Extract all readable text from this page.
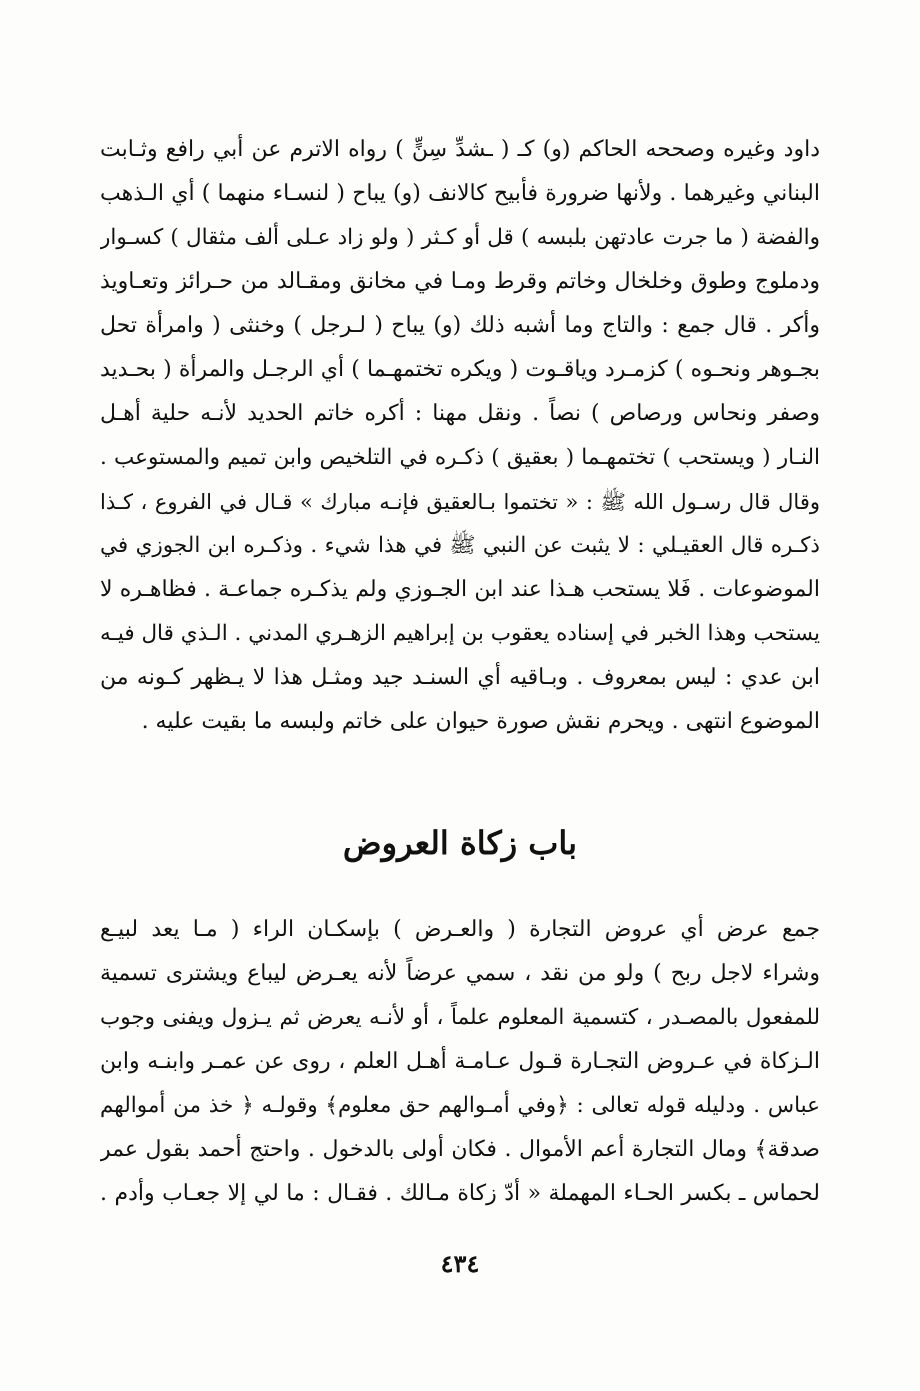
داود وغيره وصححه الحاكم (و) كـ ( ـشدِّ سِنٍّ ) رواه الاترم عن أبي رافع وثـابت
البناني وغيرهما . ولأنها ضرورة فأبيح كالانف (و) يباح ( لنسـاء منهما ) أي الـذهب
والفضة ( ما جرت عادتهن بلبسه ) قل أو كـثر ( ولو زاد عـلى ألف مثقال ) كسـوار
ودملوج وطوق وخلخال وخاتم وقرط ومـا في مخانق ومقـالد من حـرائز وتعـاويذ
وأكر . قال جمع : والتاج وما أشبه ذلك (و) يباح ( لـرجل ) وخنثى ( وامرأة تحل
بجـوهر ونحـوه ) كزمـرد وياقـوت ( ويكره تختمهـما ) أي الرجـل والمرأة ( بحـديد
وصفر ونحاس ورصاص ) نصاً . ونقل مهنا : أكره خاتم الحديد لأنـه حلية أهـل
النـار ( ويستحب ) تختمهـما ( بعقيق ) ذكـره في التلخيص وابن تميم والمستوعب .
وقال قال رسـول الله ﷺ : « تختموا بـالعقيق فإنـه مبارك » قـال في الفروع ، كـذا
ذكـره قال العقيـلي : لا يثبت عن النبي ﷺ في هذا شيء . وذكـره ابن الجوزي في
الموضوعات . فَلا يستحب هـذا عند ابن الجـوزي ولم يذكـره جماعـة . فظاهـره لا
يستحب وهذا الخبر في إسناده يعقوب بن إبراهيم الزهـري المدني . الـذي قال فيـه
ابن عدي : ليس بمعروف . وبـاقيه أي السنـد جيد ومثـل هذا لا يـظهر كـونه من
الموضوع انتهى . ويحرم نقش صورة حيوان على خاتم ولبسه ما بقيت عليه .
باب زكاة العروض
جمع عرض أي عروض التجارة ( والعـرض ) بإسكـان الراء ( مـا يعد لبيـع
وشراء لاجل ربح ) ولو من نقد ، سمي عرضاً لأنه يعـرض ليباع ويشترى تسمية
للمفعول بالمصـدر ، كتسمية المعلوم علماً ، أو لأنـه يعرض ثم يـزول ويفنى وجوب
الـزكاة في عـروض التجـارة قـول عـامـة أهـل العلم ، روى عن عمـر وابنـه وابن
عباس . ودليله قوله تعالى : ﴿وفي أمـوالهم حق معلوم﴾ وقولـه ﴿ خذ من أموالهم
صدقة﴾ ومال التجارة أعم الأموال . فكان أولى بالدخول . واحتج أحمد بقول عمر
لحماس ـ بكسر الحـاء المهملة « أدّ زكاة مـالك . فقـال : ما لي إلا جعـاب وأدم .
٤٣٤
